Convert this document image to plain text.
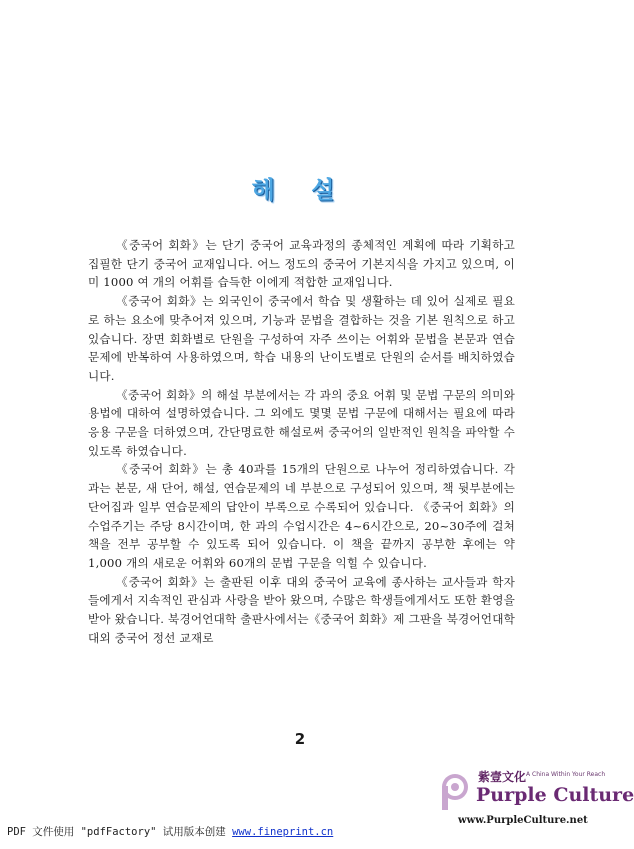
해 설

《중국어 회화》는 단기 중국어 교육과정의 종체적인 계획에 따라 기획하고 집필한 단기 중국어 교재입니다. 어느 정도의 중국어 기본지식을 가지고 있으며, 이미 1000 여 개의 어휘를 습득한 이에게 적합한 교재입니다.

《중국어 회화》는 외국인이 중국에서 학습 및 생활하는 데 있어 실제로 필요로 하는 요소에 맞추어져 있으며, 기능과 문법을 결합하는 것을 기본 원칙으로 하고 있습니다. 장면 회화별로 단원을 구성하여 자주 쓰이는 어휘와 문법을 본문과 연습문제에 반복하여 사용하였으며, 학습 내용의 난이도별로 단원의 순서를 배치하였습니다.

《중국어 회화》의 해설 부분에서는 각 과의 중요 어휘 및 문법 구문의 의미와 용법에 대하여 설명하였습니다. 그 외에도 몇몇 문법 구문에 대해서는 필요에 따라 응용 구문을 더하였으며, 간단명료한 해설로써 중국어의 일반적인 원칙을 파악할 수 있도록 하였습니다.

《중국어 회화》는 총 40과를 15개의 단원으로 나누어 정리하였습니다. 각 과는 본문, 새 단어, 해설, 연습문제의 네 부분으로 구성되어 있으며, 책 뒷부분에는 단어집과 일부 연습문제의 답안이 부록으로 수록되어 있습니다. 《중국어 회화》의 수업주기는 주당 8시간이며, 한 과의 수업시간은 4~6시간으로, 20~30주에 걸쳐 책을 전부 공부할 수 있도록 되어 있습니다. 이 책을 끝까지 공부한 후에는 약 1,000 개의 새로운 어휘와 60개의 문법 구문을 익힐 수 있습니다.

《중국어 회화》는 출판된 이후 대외 중국어 교육에 종사하는 교사들과 학자들에게서 지속적인 관심과 사랑을 받아 왔으며, 수많은 학생들에게서도 또한 환영을 받아 왔습니다. 북경어언대학 출판사에서는《중국어 회화》제 그판을 북경어언대학 대외 중국어 정선 교재로

2
紫壹文化 A China Within Your Reach
Purple Culture
www.PurpleCulture.net
PDF 文件使用 "pdfFactory" 试用版本创建 www.fineprint.cn
